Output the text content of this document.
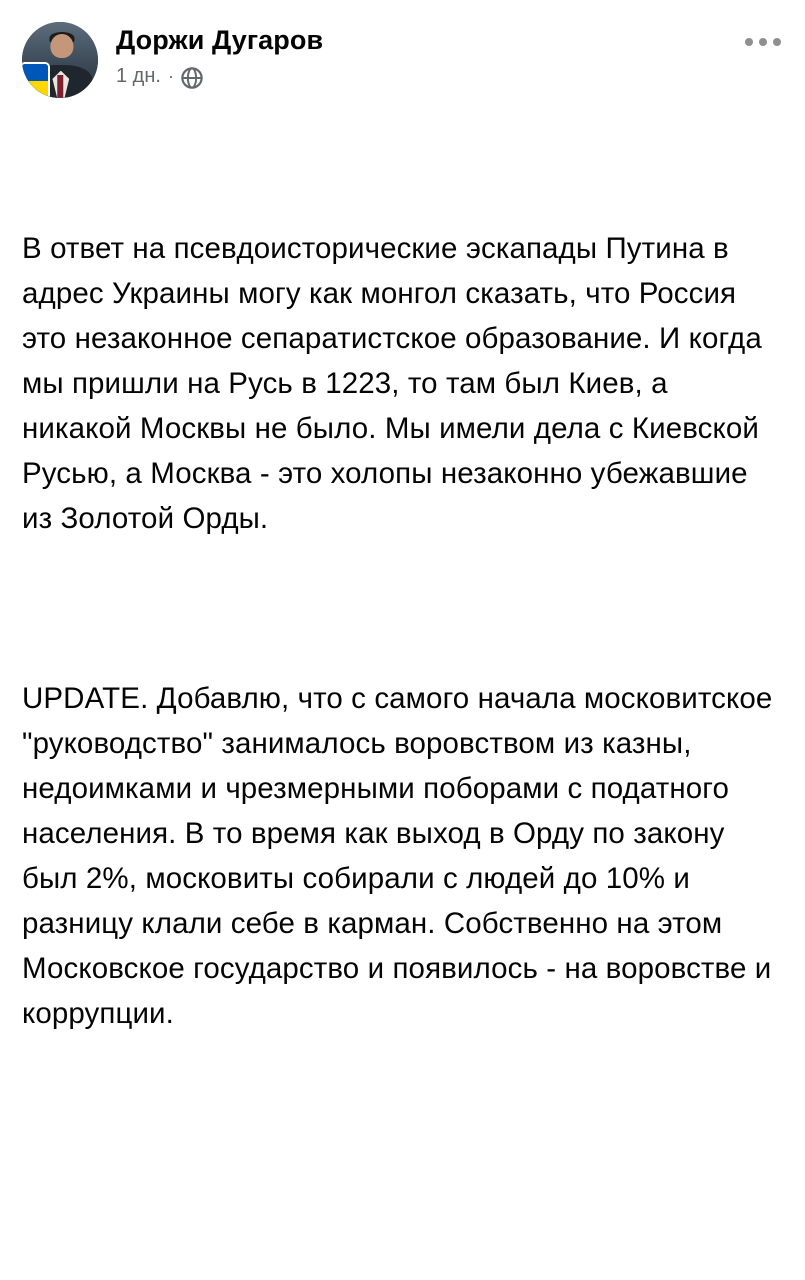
Доржи Дугаров
1 дн. ·

В ответ на псевдоисторические эскапады Путина в адрес Украины могу как монгол сказать, что Россия это незаконное сепаратистское образование. И когда мы пришли на Русь в 1223, то там был Киев, а никакой Москвы не было. Мы имели дела с Киевской Русью, а Москва - это холопы незаконно убежавшие из Золотой Орды.

UPDATE. Добавлю, что с самого начала московитское "руководство" занималось воровством из казны, недоимками и чрезмерными поборами с податного населения. В то время как выход в Орду по закону был 2%, московиты собирали с людей до 10% и разницу клали себе в карман. Собственно на этом Московское государство и появилось - на воровстве и коррупции.
